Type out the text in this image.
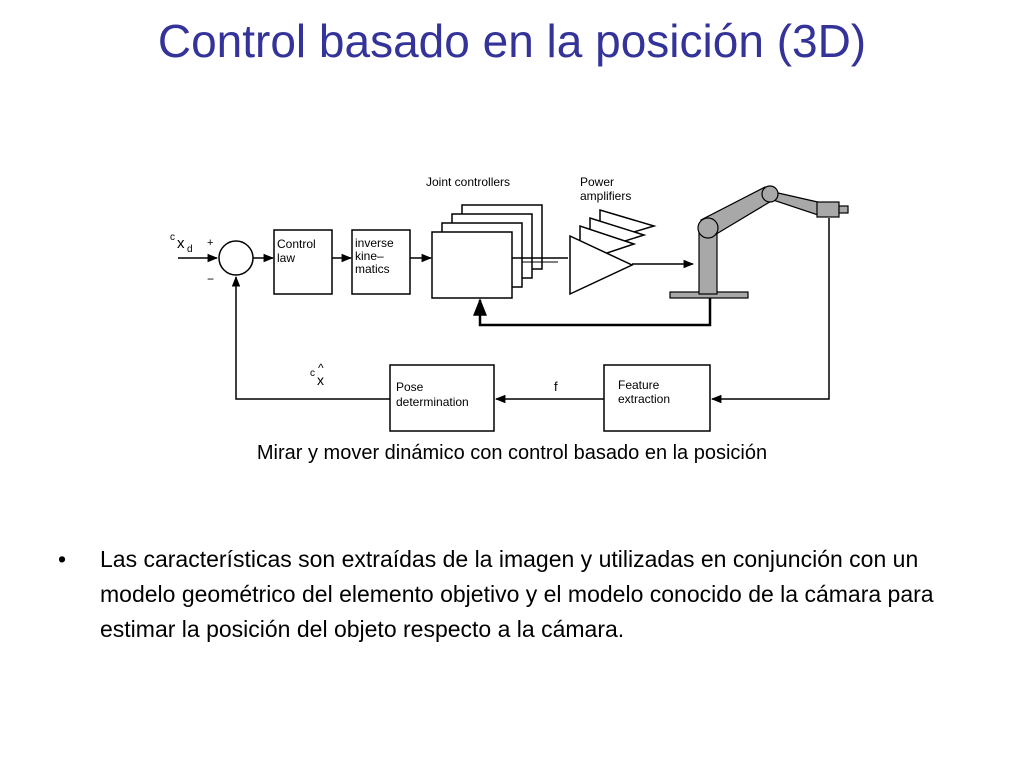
Control basado en la posición (3D)
c x d
+
−
Control
law
inverse
kine–
matics
Joint controllers	Power
amplifiers
Feature
extraction
f
Pose
determination
c ^
x
Mirar y mover dinámico con control basado en la posición
• Las características son extraídas de la imagen y utilizadas en conjunción con un modelo geométrico del elemento objetivo y el modelo conocido de la cámara para estimar la posición del objeto respecto a la cámara.
